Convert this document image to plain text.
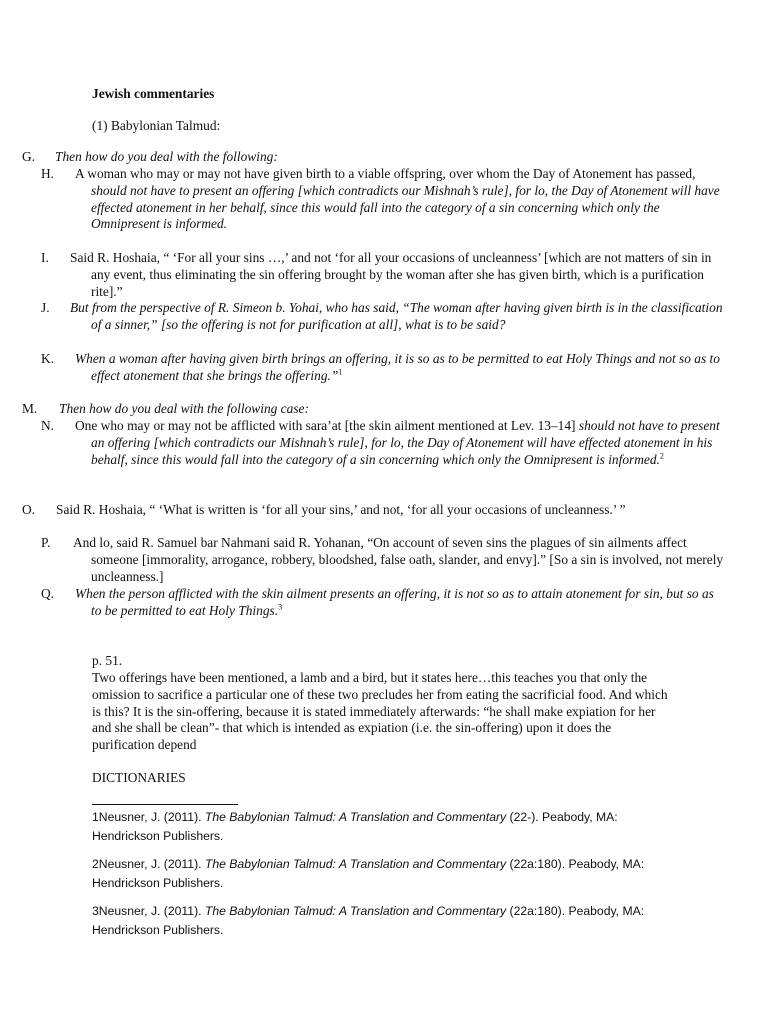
Jewish commentaries
(1) Babylonian Talmud:
G. Then how do you deal with the following:
H. A woman who may or may not have given birth to a viable offspring, over whom the Day of Atonement has passed, should not have to present an offering [which contradicts our Mishnah’s rule], for lo, the Day of Atonement will have effected atonement in her behalf, since this would fall into the category of a sin concerning which only the Omnipresent is informed.
I. Said R. Hoshaia, “ ‘For all your sins …,’ and not ‘for all your occasions of uncleanness’ [which are not matters of sin in any event, thus eliminating the sin offering brought by the woman after she has given birth, which is a purification rite].”
J. But from the perspective of R. Simeon b. Yohai, who has said, “The woman after having given birth is in the classification of a sinner,” [so the offering is not for purification at all], what is to be said?
K. When a woman after having given birth brings an offering, it is so as to be permitted to eat Holy Things and not so as to effect atonement that she brings the offering.”$^1$
M. Then how do you deal with the following case:
N. One who may or may not be afflicted with sara’at [the skin ailment mentioned at Lev. 13–14] should not have to present an offering [which contradicts our Mishnah’s rule], for lo, the Day of Atonement will have effected atonement in his behalf, since this would fall into the category of a sin concerning which only the Omnipresent is informed.$^2$
O. Said R. Hoshaia, “ ‘What is written is ‘for all your sins,’ and not, ‘for all your occasions of uncleanness.’ ”
P. And lo, said R. Samuel bar Nahmani said R. Yohanan, “On account of seven sins the plagues of sin ailments affect someone [immorality, arrogance, robbery, bloodshed, false oath, slander, and envy].” [So a sin is involved, not merely uncleanness.]
Q. When the person afflicted with the skin ailment presents an offering, it is not so as to attain atonement for sin, but so as to be permitted to eat Holy Things.$^3$
p. 51.
Two offerings have been mentioned, a lamb and a bird, but it states here…this teaches you that only the omission to sacrifice a particular one of these two precludes her from eating the sacrificial food. And which is this? It is the sin-offering, because it is stated immediately afterwards: “he shall make expiation for her and she shall be clean”- that which is intended as expiation (i.e. the sin-offering) upon it does the purification depend
DICTIONARIES
1Neusner, J. (2011). The Babylonian Talmud: A Translation and Commentary (22-). Peabody, MA: Hendrickson Publishers.
2Neusner, J. (2011). The Babylonian Talmud: A Translation and Commentary (22a:180). Peabody, MA: Hendrickson Publishers.
3Neusner, J. (2011). The Babylonian Talmud: A Translation and Commentary (22a:180). Peabody, MA: Hendrickson Publishers.
